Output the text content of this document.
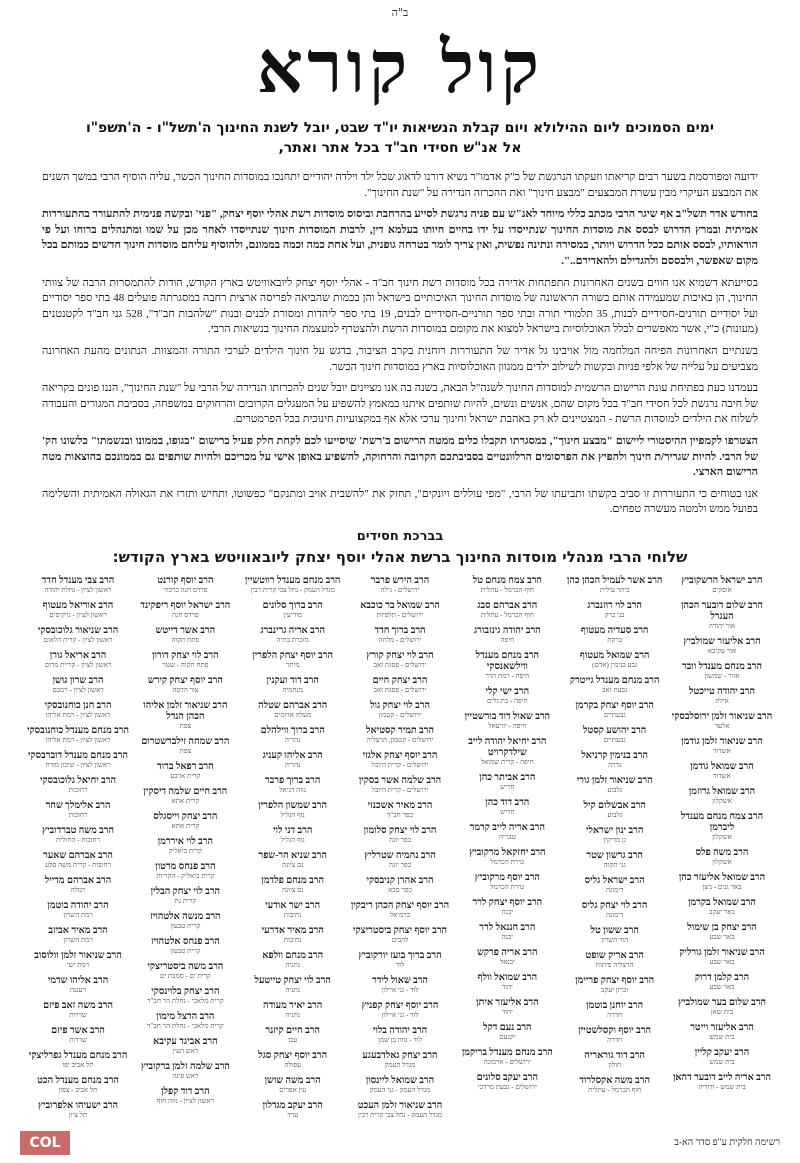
ב"ה
קול קורא
ימים הסמוכים ליום ההילולא ויום קבלת הנשיאות יו"ד שבט, יובל לשנת החינוך ה'תשל"ו - ה'תשפ"ו
אל אנ"ש חסידי חב"ד בכל אתר ואתר,

ידועה ומפורסמת בשער רבים קריאתו וזעקתו הנרגשת של כ"ק אדמו"ר נשיא דורנו לדאוג שכל ילד וילדה יהודיים יתחנכו במוסדות החינוך הכשר, עליה הוסיף הרבי במשך השנים את המבצע העיקרי מבין עשרת המבצעים "מבצע חינוך" ואת ההכרזה הנדירה על "שנת החינוך".

בחודש אדר תשל"ב אף שיגר הרבי מכתב כללי מיוחד לאנ"ש עם פניה נרגשת לסייע בהרחבת וביסוס מוסדות רשת אהלי יוסף יצחק, "פני' ובקשה פנימית להתעורר בהתעוררות אמיתית ובמרץ הדרוש לבסס את מוסדות החינוך שנתייסדו על ידו בחיים חיותו בעלמא דין, לרבות המוסדות חינוך שנתייסדו לאחר מכן על שמו ומתנהלים ברוחו ועל פי הוראותיו, לבסס אותם ככל הדרוש ויותר, במסירה ונתינה נפשית, ואין צריך לומר בטרחה גופנית, ועל אחת כמה וכמה בממונם, ולהוסיף עליהם מוסדות חינוך חדשים כמותם בכל מקום שאפשר, ולבססם ולהגדילם ולהאדירם..".

בסייעתא דשמיא אנו חווים בשנים האחרונות התפתחות אדירה בכל מוסדות רשת חינוך חב"ד - אהלי יוסף יצחק ליובאוויטש בארץ הקודש, הודות להתמסרות הרבה של צוותי החינוך, הן באיכות שמעמידה אותם בשורה הראשונה של מוסדות החינוך האיכותיים בישראל והן בכמות שהביאה לפריסה ארצית רחבה במסגרתה פועלים 48 בתי ספר יסודיים ועל יסודיים תורנים-חסידיים לבנות, 35 תלמודי תורה ובתי ספר תורניים-חסידיים לבנים, 19 בתי ספר ליהדות ומסורת לבנים ובנות "שלהבות חב"ד", 528 גני חב"ד לקטנטנים (מעונות) כ"י, אשר מאפשרים לכלל האוכלוסיות בישראל למצוא את מקומם במוסדות הרשת ולהצטרף למעצמת החינוך בנשיאות הרבי.

בשנתיים האחרונות הפיחה המלחמה מול אויבינו גל אדיר של התעוררות רוחנית בקרב הציבור, בדגש על חינוך הילדים לערכי התורה והמצוות. הנתונים מהעת האחרונה מצביעים על עלייה של אלפי פניות ובקשות לשילוב ילדים ממגוון האוכלוסיות בארץ במוסדות חינוך הכשר.

בעמדנו כעת בפתיחת עונת הרישום הרשמית למוסדות החינוך לשנה"ל הבאה, בשנה בה אנו מציינים יובל שנים להכרזתו הנדירה של הרבי על "שנת החינוך", הננו פונים בקריאה של חיבה נרגשת לכל חסידי חב"ד בכל מקום שהם, אנשים ונשים, להיות שותפים איתנו במאמץ להשפיע על המעגלים הקרובים והרחוקים במשפחה, בסביבת המגורים והעבודה לשלוח את הילדים למוסדות הרשת - המצטיינים לא רק באהבת ישראל וחינוך ערכי אלא אף במקצועיות חינוכית בכל הפרמטרים.

הצטרפו לקמפיין ההיסטורי ליישום "מבצע חינוך", במסגרתו תקבלו כלים ממטה הרישום ב'רשת' שיסייעו לכם לקחת חלק פעיל ברישום "בגופו, בממונו ובנשמתו" כלשונו הק' של הרבי. להיות שגריר/ת חינוך ולהפיץ את הפרסומים הרלוונטיים בסביבתכם הקרובה והרחוקה, להשפיע באופן אישי על מכריכם ולהיות שותפים גם בממונכם בהוצאות מטה הרישום הארצי.

אנו בטוחים כי התעוררות זו סביב בקשתו ותביעתו של הרבי, "מפי עוללים ויונקים", תחזק את "להשבית אויב ומתנקם" כפשוטו, ותחיש ותזרז את הגאולה האמיתית והשלימה בפועל ממש ולמטה מעשרה טפחים.

בברכת חסידים
שלוחי הרבי מנהלי מוסדות החינוך ברשת אהלי יוסף יצחק ליובאוויטש בארץ הקודש:
הרב ישראל הרשקוביץ
אופקים
הרב שלום דובער הכהן העגרל
אור יהודה
הרב אליעזר שמולביץ
אור עקיבא
הרב מנחם מענדל וובר
אזור - שמשון
הרב יהודה טייכטל
אילת
הרב שניאור זלמן ירוסלבסקי
אלעד
הרב שניאור זלמן גודמן
אשדוד
הרב שמואל גודמן
אשדוד
הרב שמואל גרוזמן
אשקלון
הרב צמח מנחם מענדל ליברמן
אשקלון
הרב משה פלס
אשקלון
הרב שמואל אליעזר כהן
באר גנים - ניצן
הרב שמואל בקרמן
באר יעקב
הרב יצחק בן שימול
באר שבע
הרב שניאור זלמן גורליק
באר שבע
הרב קלמן דרוק
באר שבע
הרב שלום בער שמולביץ
בית שאן
הרב אליעזר וייטר
בית שמש
הרב יעקב קליין
בית שמש
הרב אריה לייב דובער דהאן
בית שמש - ודוריה
הרב אשר לעמיל הכהן כהן
ביתר עילית
הרב לוי רוזנברג
בני ברק
הרב סעדיה מעטוף
ברקת
הרב שמואל מעטוף
גבע בנימין (אדם)
הרב מנחם מענדל גייטרק
גבעת זאב
הרב יוסף יצחק בקרמן
גבעתיים
הרב יהושע קסטל
גבעתיים
הרב בנימין קרניאל
גדרה
הרב שניאור זלמן גורי
גלבוע
הרב אבשלום קיל
גלבוע
הרב ינון ישראלי
גן מדיקין
הרב גרשון שטר
גני תקוה
הרב ישראל גליס
דימונה
הרב לוי יצחק גליס
דימונה
הרב ששון טל
הוד השרון
הרב אריק שופט
הרצליה פיתוח
הרב יוסף יצחק פריימן
זכרון יעקב
הרב יוחנן בוטמן
חדרה
הרב יוסף וקסלשטיין
חדרה
הרב דוד גוראריה
חולון
הרב משה אקסלרוד
חוף הכרמל - עתלית
הרב צמח מנחם טל
חוף הכרמל - עתלית
הרב אברהם סבג
חוף הכרמל - עתלית
הרב יהודה גינזבורג
חיפה
הרב מנחם מענדל ווילשאנסקי
חיפה - רמת הדר
הרב ישי קלי
חיפה - בת גלים
הרב שאול דוד בורשטיין
חיפה - יזרעאל
הרב יחיאל יהודה לייב שילדקרויט
חיפה - קרית שמואל
הרב אביתר כהן
חריש
הרב דוד כהן
חריש
הרב אריה לייב קרמר
טבריה
הרב יחזקאל מרקוביץ
טירת הכרמל
הרב יוסף מרקוביץ
טירת הכרמל
הרב יוסף יצחק לרר
יבנה
הרב חננאל לרר
יבנה
הרב אריה פרקש
יבנאל
הרב שמואל וולף
יהוד
הרב אליעזר איתן
יהוד
הרב נעם דקל
יקנעם
הרב מנחם מענדל בריקמן
ירושלים - ארמונה
הרב יעקב סלונים
ירושלים - גבעת מרדכי
הרב הירש פרבר
ירושלים - גילה
הרב שמואל בר כוכבא
ירושלים - תלפיות
הרב ברוך חדד
ירושלים - מלחה
הרב לוי יצחק קורץ
ירושלים - פסגת זאב
הרב יצחק חיים
ירושלים - פסגת זאב
הרב לוי יצחק גול
ירושלים - קטמון
הרב תמיר קסטיאל
ירושלים - קטמון, הרצליה
הרב יוסף יצחק אלגזי
ירושלים - קרית היובל
הרב שלמה אשר בסקין
ירושלים - קרית היובל
הרב מאיר אשכנזי
כפר חב"ד
הרב לוי יצחק סלומון
כפר יונה
הרב נחמיה שטרליץ
כפר יונה
הרב אהרן קניבסקי
כפר סבא
הרב יוסף יצחק הכהן ריבקין
כרמיאל
הרב יוסף יצחק ביסטריצקי
להבים
הרב ברוך בועז יורקוביץ
לוד
הרב שאול לידר
לוד - גני איילון
הרב יוסף יצחק קפניץ
לוד - גני איילון
הרב יהודה בלוי
לוד - נווה בן שמן
הרב יצחק גאלדבעגע
מגדל העמק
הרב שמואל ליינסון
מגדל העמק - גני העמק
הרב שניאור זלמן העכט
מגדל העמק - נחל צבי קרית רבין
הרב מנחם מענדל רווטשיין
מגדל העמק - נחל צבי קרית רבין
הרב ברוך סלונים
מודיעין
הרב אריה גרינברג
מזכרת בתיה
הרב יוסף יצחק הלפרין
מיתר
הרב דוד ועקנין
מנחמיה
הרב אברהם שטלה
מעלה אדומים
הרב ברוך ווילהלם
נהריה
הרב אליהו קעניג
נהריה
הרב ברוך פרבר
נווה דניאל
הרב שמשון הלפרין
נוף הגליל
הרב דני לוי
נוף הגליל
הרב שניא הר-שפר
נס ציונה
הרב מנחם פלדמן
נס ציונה
הרב ישר אודעי
נתיבות
הרב מאיר אדרעי
נתיבות
הרב מנחם וולפא
נתניה
הרב לוי יצחק טייטעל
נתניה
הרב יאיר מעודה
נתניה
הרב חיים קיזנר
עכו
הרב יוסף יצחק סגל
עפולה
הרב משה שושן
עין אפרים
הרב יעקב מגדלון
ערד
הרב יוסף קורנט
פרדס חנה כרכור
הרב ישראל יוסף ריפקינד
פרדס חנה
הרב אשר דייטש
פתח תקוה
הרב לוי יצחק דורון
פתח תקוה - שטר
הרב יוסף יצחק קירש
צור הדסה
הרב שניאור זלמן אליהו הכהן הנדל
צפת
הרב שמחה זילברשטרום
צפת
הרב רפאל ברוד
קרית ארבע
הרב חיים שלמה דיסקין
קרית אתא
הרב יצחק וייסגלס
קרית אתא
הרב לוי איררמן
קרית ביאליק
הרב פנחס מרטון
קרית ביאליק - הקריות
הרב לוי יצחק הבלין
קרית גת
הרב מנשה אלטהויז
קרית טבעון
הרב פנחס אלטהויז
קרית טבעון
הרב משה ביסטריצקי
קרית ים - סמבת ים
הרב יצחק בלוינסקי
קרית מלאכי - נחלת הר חב"ד
הרב הרצל מימון
קרית מלאכי - נחלת הר חב"ד
הרב אביגד עקיבא
ראש העין
הרב שלמה זלמן ברקוביץ
ראש פינה
הרב דוד קפלן
ראשון לציון - נווה חוף
הרב צבי מענדל חדד
ראשון לציון - נחלת יהודה
הרב אוריאל מעטוף
ראשון לציון - נרקיסים
הרב שניאור גלוכובסקי
ראשון לציון - קרית הלאום
הרב אריאל גורן
ראשון לציון - קריית מרום
הרב שרון גושן
ראשון לציון - רמבם
הרב חנן כוחנובסקי
ראשון לציון - רמת אליהו
הרב מנחם מענדל כוחנובסקי
ראשון לציון - רמת אליהו
הרב מנחם מענדל דוברבסקי
ראשון לציון - שיכון מזרח
הרב יחיאל גלוכובסקי
רחובות
הרב אלימלך שחר
רחובות
הרב משה טברדוביץ
רחובות - החולית
הרב אברהם שאער
רחובות - קרית משה סלע
הרב אברהם מדייל
רמלה
הרב יהודה בוטמן
רמת השרון
הרב מאיר אביזב
רמת השרון
הרב שניאור זלמן וולוסוב
רמת ישי
הרב אליהו שדמי
רעננה
הרב משה זאב פיזם
שדרות
הרב אשר פיזם
שדרות
הרב מנחם מענדל גפרליצקי
תל אביב יפו
הרב מנחם מענדל הכט
תל אביב - צפון
הרב ישעיהו אלפרוביץ
תל ציון
רשימה חלקית ע"פ סדר הא-ב
COL
